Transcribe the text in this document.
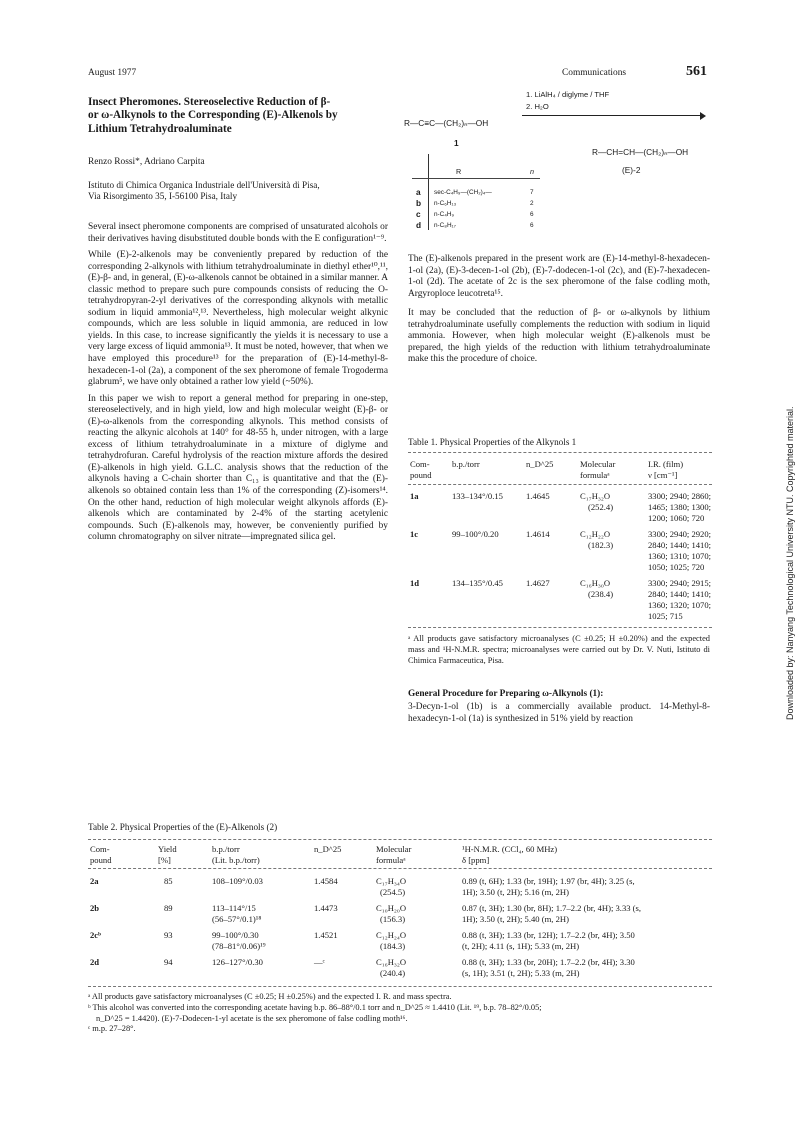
August 1977	Communications	561
Insect Pheromones. Stereoselective Reduction of β-
or ω-Alkynols to the Corresponding (E)-Alkenols by
Lithium Tetrahydroaluminate
Renzo Rossi*, Adriano Carpita
Istituto di Chimica Organica Industriale dell'Università di Pisa,
Via Risorgimento 35, I-56100 Pisa, Italy

Several insect pheromone components are comprised of unsaturated alcohols or their derivatives having disubstituted double bonds with the E configuration¹⁻⁹.

While (E)-2-alkenols may be conveniently prepared by reduction of the corresponding 2-alkynols with lithium tetrahydroaluminate in diethyl ether¹⁰,¹¹, (E)-β- and, in general, (E)-ω-alkenols cannot be obtained in a similar manner. A classic method to prepare such pure compounds consists of reducing the O-tetrahydropyran-2-yl derivatives of the corresponding alkynols with metallic sodium in liquid ammonia¹²,¹³. Nevertheless, high molecular weight alkynic compounds, which are less soluble in liquid ammonia, are reduced in low yields. In this case, to increase significantly the yields it is necessary to use a very large excess of liquid ammonia¹³. It must be noted, however, that when we have employed this procedure¹³ for the preparation of (E)-14-methyl-8-hexadecen-1-ol (2a), a component of the sex pheromone of female Trogoderma glabrum⁵, we have only obtained a rather low yield (~50%).

In this paper we wish to report a general method for preparing in one-step, stereoselectively, and in high yield, low and high molecular weight (E)-β- or (E)-ω-alkenols from the corresponding alkynols. This method consists of reacting the alkynic alcohols at 140° for 48-55 h, under nitrogen, with a large excess of lithium tetrahydroaluminate in a mixture of diglyme and tetrahydrofuran. Careful hydrolysis of the reaction mixture affords the desired (E)-alkenols in high yield. G.L.C. analysis shows that the reduction of the alkynols having a C-chain shorter than C₁₃ is quantitative and that the (E)-alkenols so obtained contain less than 1% of the corresponding (Z)-isomers¹⁴. On the other hand, reduction of high molecular weight alkynols affords (E)-alkenols which are contaminated by 2-4% of the starting acetylenic compounds. Such (E)-alkenols may, however, be conveniently purified by column chromatography on silver nitrate—impregnated silica gel.

1. LiAlH₄ / diglyme / THF
2. H₂O
R—C≡C—(CH₂)ₙ—OH
1
R—CH=CH—(CH₂)ₙ—OH
(E)-2
R	n
a sec-C₄H₉—(CH₂)₄—	7
b n-C₆H₁₃	2
c n-C₄H₉	6
d n-C₈H₁₇	6

The (E)-alkenols prepared in the present work are (E)-14-methyl-8-hexadecen-1-ol (2a), (E)-3-decen-1-ol (2b), (E)-7-dodecen-1-ol (2c), and (E)-7-hexadecen-1-ol (2d). The acetate of 2c is the sex pheromone of the false codling moth, Argyroploce leucotreta¹⁵.

It may be concluded that the reduction of β- or ω-alkynols by lithium tetrahydroaluminate usefully complements the reduction with sodium in liquid ammonia. However, when high molecular weight (E)-alkenols must be prepared, the high yields of the reduction with lithium tetrahydroaluminate make this the procedure of choice.

Table 1. Physical Properties of the Alkynols 1
Com-
pound
b.p./torr	n_D^25	Molecular
formulaᵃ
I.R. (film)
ν [cm⁻¹]
1a	133–134°/0.15	1.4645	C₁₇H₃₂O
(252.4)
3300; 2940; 2860;
1465; 1380; 1300;
1200; 1060; 720
1c	99–100°/0.20	1.4614	C₁₂H₂₂O
(182.3)
3300; 2940; 2920;
2840; 1440; 1410;
1360; 1310; 1070;
1050; 1025; 720
1d	134–135°/0.45	1.4627	C₁₆H₃₀O
(238.4)
3300; 2940; 2915;
2840; 1440; 1410;
1360; 1320; 1070;
1025; 715
ᵃ All products gave satisfactory microanalyses (C ±0.25; H ±0.20%) and the expected mass and ¹H-N.M.R. spectra; microanalyses were carried out by Dr. V. Nuti, Istituto di Chimica Farmaceutica, Pisa.
General Procedure for Preparing ω-Alkynols (1):
3-Decyn-1-ol (1b) is a commercially available product. 14-Methyl-8-hexadecyn-1-ol (1a) is synthesized in 51% yield by reaction
Table 2. Physical Properties of the (E)-Alkenols (2)
Com-
pound
Yield
[%]
b.p./torr
(Lit. b.p./torr)
n_D^25	Molecular
formulaᵃ
¹H-N.M.R. (CCl₄, 60 MHz)
δ [ppm]
2a	85	108–109°/0.03	1.4584	C₁₇H₃₄O
(254.5)
0.89 (t, 6H); 1.33 (br, 19H); 1.97 (br, 4H); 3.25 (s,
1H); 3.50 (t, 2H); 5.16 (m, 2H)
2b	89	113–114°/15
(56–57°/0.1)¹⁸
1.4473	C₁₀H₂₀O
(156.3)
0.87 (t, 3H); 1.30 (br, 8H); 1.7–2.2 (br, 4H); 3.33 (s,
1H); 3.50 (t, 2H); 5.40 (m, 2H)
2cᵇ	93	99–100°/0.30
(78–81°/0.06)¹⁹
1.4521	C₁₂H₂₄O
(184.3)
0.88 (t, 3H); 1.33 (br, 12H); 1.7–2.2 (br, 4H); 3.50
(t, 2H); 4.11 (s, 1H); 5.33 (m, 2H)
2d	94	126–127°/0.30	—ᶜ	C₁₆H₃₂O
(240.4)
0.88 (t, 3H); 1.33 (br, 20H); 1.7–2.2 (br, 4H); 3.30
(s, 1H); 3.51 (t, 2H); 5.33 (m, 2H)
ᵃ All products gave satisfactory microanalyses (C ±0.25; H ±0.25%) and the expected I. R. and mass spectra.
ᵇ This alcohol was converted into the corresponding acetate having b.p. 86–88°/0.1 torr and n_D^25 ≈ 1.4410 (Lit. ¹⁹, b.p. 78–82°/0.05;
n_D^25 = 1.4420). (E)-7-Dodecen-1-yl acetate is the sex pheromone of false codling moth¹⁶.
ᶜ m.p. 27–28°.
Downloaded by: Nanyang Technological University NTU. Copyrighted material.
